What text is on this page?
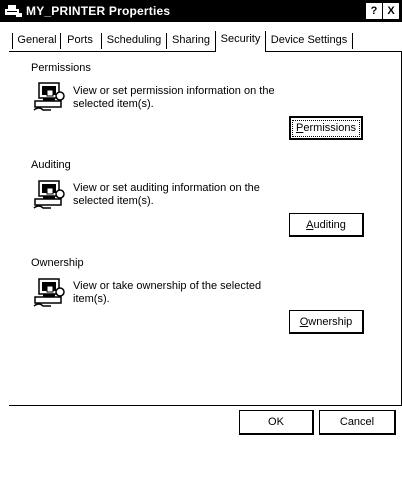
MY_PRINTER Properties	? X
General Ports	Scheduling Sharing Security Device Settings
Permissions
View or set permission information on the selected item(s).
P ermissions
Auditing
View or set auditing information on the selected item(s).
A uditing
Ownership
View or take ownership of the selected item(s).
O wnership
OK	Cancel
